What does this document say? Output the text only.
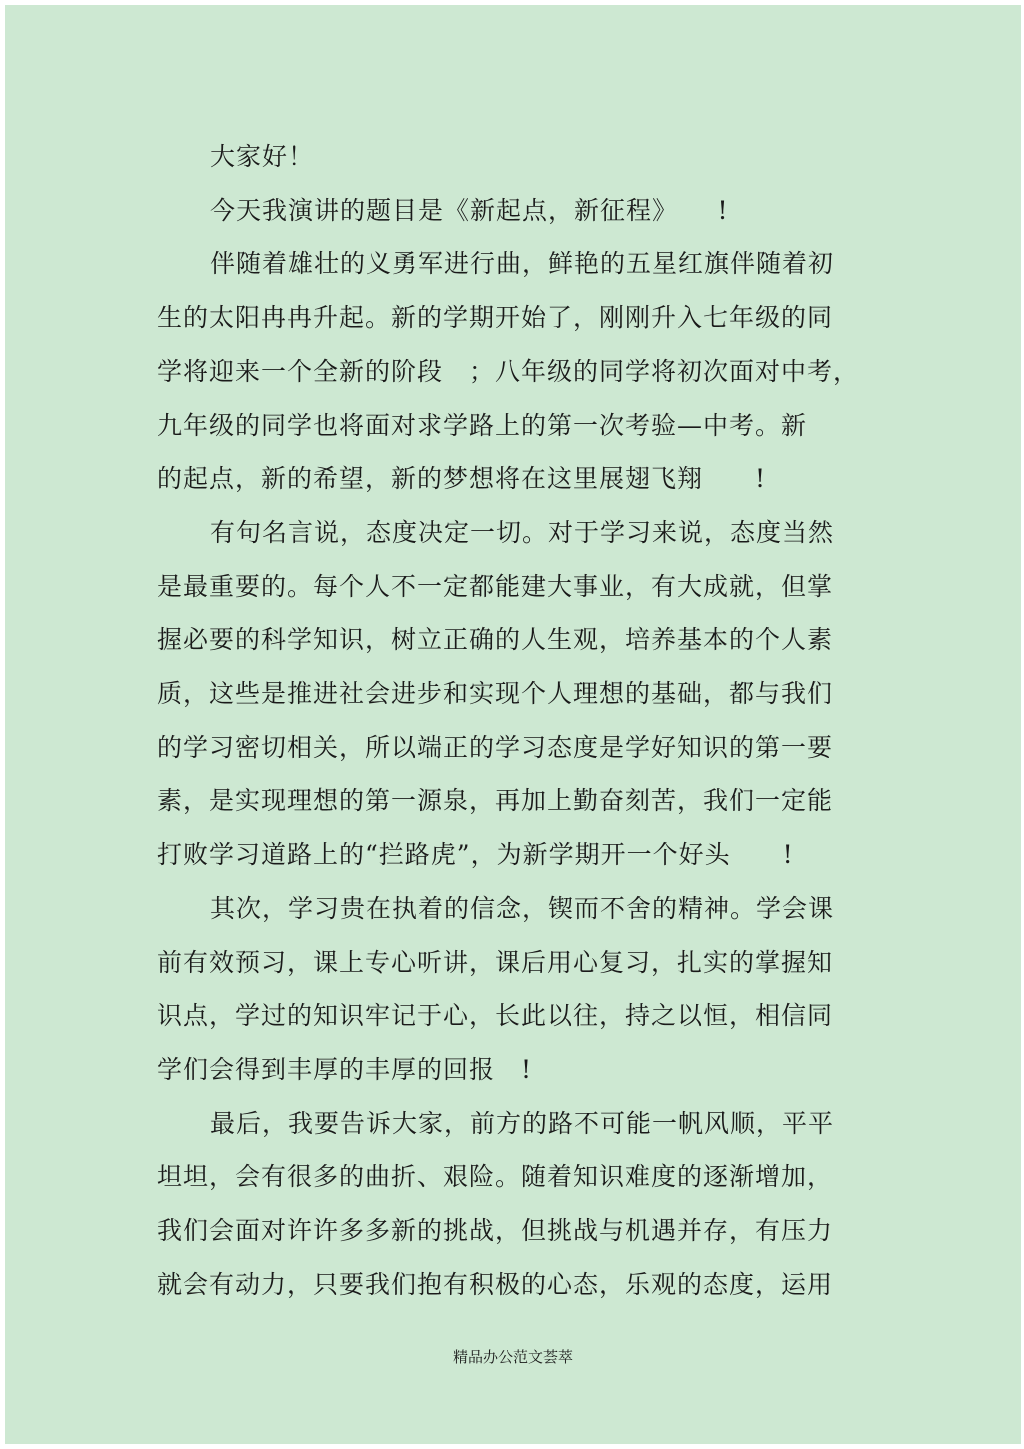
大家好！

今天我演讲的题目是《新起点，新征程》　　!

伴随着雄壮的义勇军进行曲，鲜艳的五星红旗伴随着初

生的太阳冉冉升起。新的学期开始了，刚刚升入七年级的同

学将迎来一个全新的阶段　；八年级的同学将初次面对中考，

九年级的同学也将面对求学路上的第一次考验—中考。新

的起点，新的希望，新的梦想将在这里展翅飞翔　　!

有句名言说，态度决定一切。对于学习来说，态度当然

是最重要的。每个人不一定都能建大事业，有大成就，但掌

握必要的科学知识，树立正确的人生观，培养基本的个人素

质，这些是推进社会进步和实现个人理想的基础，都与我们

的学习密切相关，所以端正的学习态度是学好知识的第一要

素，是实现理想的第一源泉，再加上勤奋刻苦，我们一定能

打败学习道路上的“拦路虎”，为新学期开一个好头　　!

其次，学习贵在执着的信念，锲而不舍的精神。学会课

前有效预习，课上专心听讲，课后用心复习，扎实的掌握知

识点，学过的知识牢记于心，长此以往，持之以恒，相信同

学们会得到丰厚的丰厚的回报　!

最后，我要告诉大家，前方的路不可能一帆风顺，平平

坦坦，会有很多的曲折、艰险。随着知识难度的逐渐增加，

我们会面对许许多多新的挑战，但挑战与机遇并存，有压力

就会有动力，只要我们抱有积极的心态，乐观的态度，运用

精品办公范文荟萃
